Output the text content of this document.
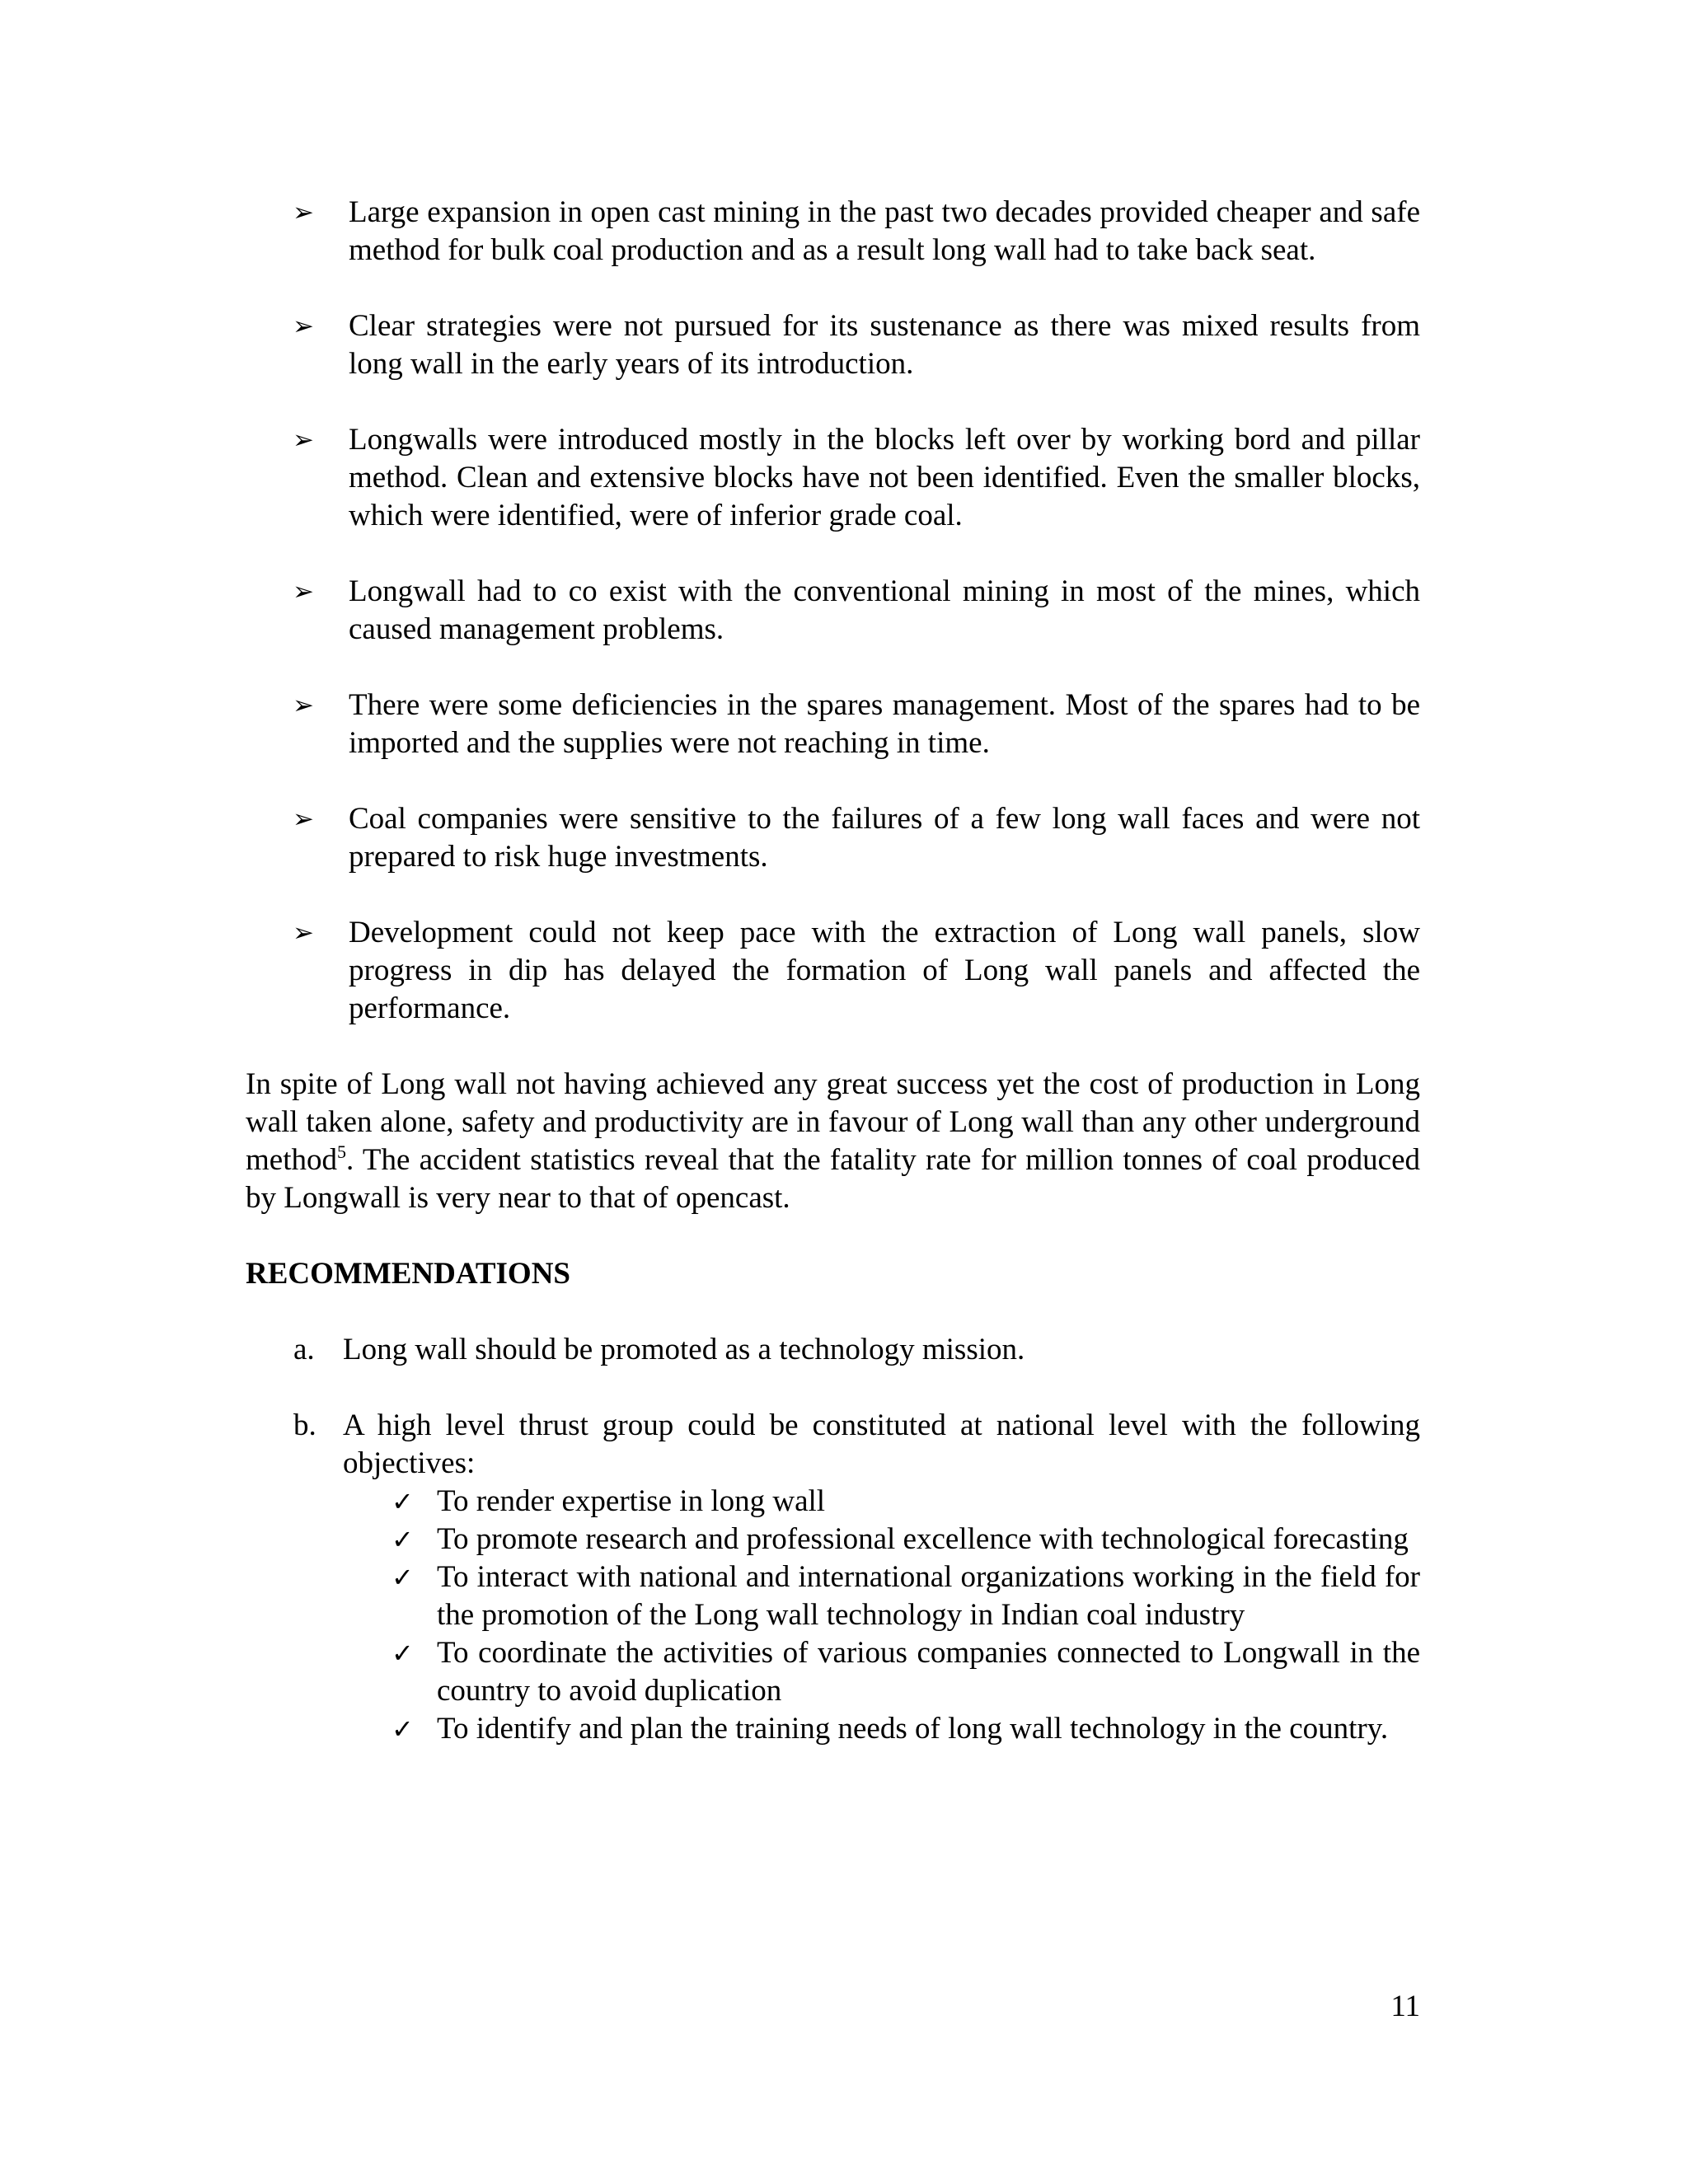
➢ Large expansion in open cast mining in the past two decades provided cheaper and safe method for bulk coal production and as a result long wall had to take back seat.
➢ Clear strategies were not pursued for its sustenance as there was mixed results from long wall in the early years of its introduction.
➢ Longwalls were introduced mostly in the blocks left over by working bord and pillar method. Clean and extensive blocks have not been identified. Even the smaller blocks, which were identified, were of inferior grade coal.
➢ Longwall had to co exist with the conventional mining in most of the mines, which caused management problems.
➢ There were some deficiencies in the spares management. Most of the spares had to be imported and the supplies were not reaching in time.
➢ Coal companies were sensitive to the failures of a few long wall faces and were not prepared to risk huge investments.
➢ Development could not keep pace with the extraction of Long wall panels, slow progress in dip has delayed the formation of Long wall panels and affected the performance.
In spite of Long wall not having achieved any great success yet the cost of production in Long wall taken alone, safety and productivity are in favour of Long wall than any other underground method$^5$. The accident statistics reveal that the fatality rate for million tonnes of coal produced by Longwall is very near to that of opencast.
RECOMMENDATIONS
a. Long wall should be promoted as a technology mission.
b. A high level thrust group could be constituted at national level with the following objectives:
✓ To render expertise in long wall
✓ To promote research and professional excellence with technological forecasting
✓ To interact with national and international organizations working in the field for the promotion of the Long wall technology in Indian coal industry
✓ To coordinate the activities of various companies connected to Longwall in the country to avoid duplication
✓ To identify and plan the training needs of long wall technology in the country.
11
